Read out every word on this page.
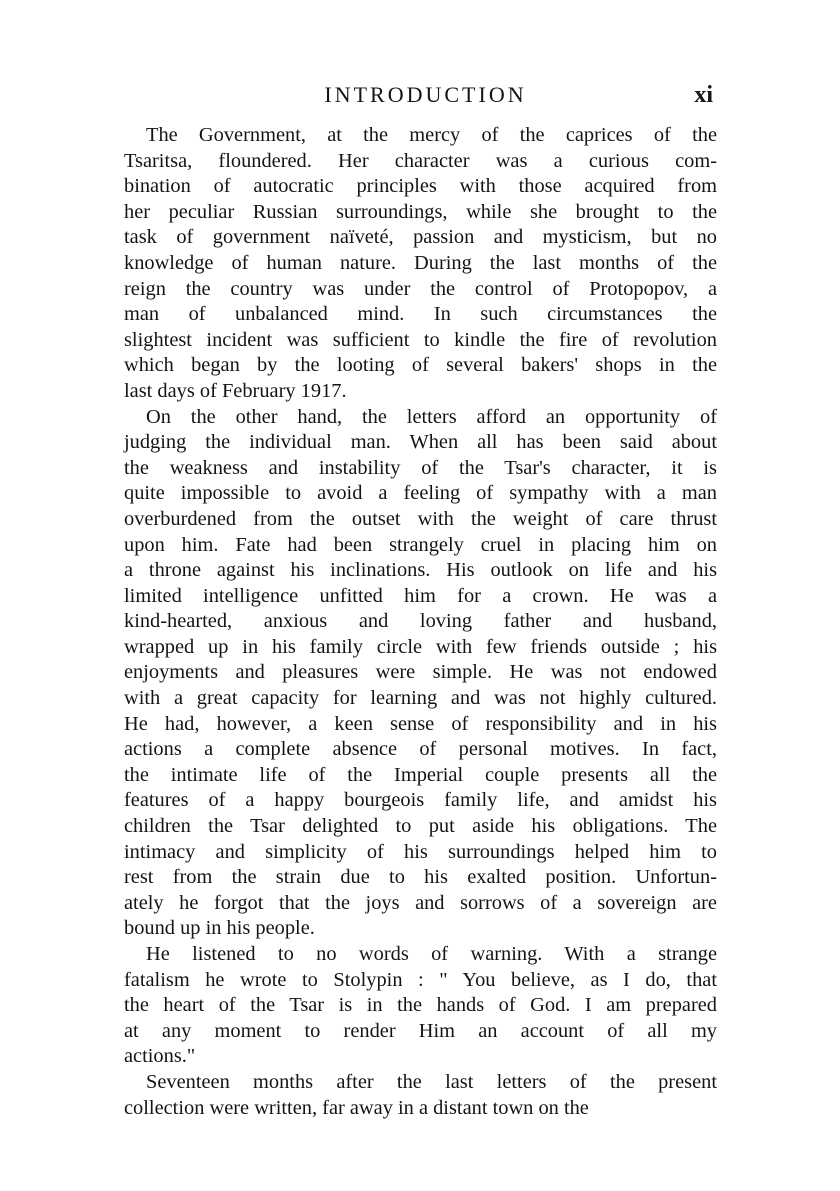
INTRODUCTION	xi
The Government, at the mercy of the caprices of the
Tsaritsa, floundered. Her character was a curious com-
bination of autocratic principles with those acquired from
her peculiar Russian surroundings, while she brought to the
task of government naïveté, passion and mysticism, but no
knowledge of human nature. During the last months of the
reign the country was under the control of Protopopov, a
man of unbalanced mind. In such circumstances the
slightest incident was sufficient to kindle the fire of revolution
which began by the looting of several bakers' shops in the
last days of February 1917.
On the other hand, the letters afford an opportunity of
judging the individual man. When all has been said about
the weakness and instability of the Tsar's character, it is
quite impossible to avoid a feeling of sympathy with a man
overburdened from the outset with the weight of care thrust
upon him. Fate had been strangely cruel in placing him on
a throne against his inclinations. His outlook on life and his
limited intelligence unfitted him for a crown. He was a
kind-hearted, anxious and loving father and husband,
wrapped up in his family circle with few friends outside ; his
enjoyments and pleasures were simple. He was not endowed
with a great capacity for learning and was not highly cultured.
He had, however, a keen sense of responsibility and in his
actions a complete absence of personal motives. In fact,
the intimate life of the Imperial couple presents all the
features of a happy bourgeois family life, and amidst his
children the Tsar delighted to put aside his obligations. The
intimacy and simplicity of his surroundings helped him to
rest from the strain due to his exalted position. Unfortun-
ately he forgot that the joys and sorrows of a sovereign are
bound up in his people.
He listened to no words of warning. With a strange
fatalism he wrote to Stolypin : " You believe, as I do, that
the heart of the Tsar is in the hands of God. I am prepared
at any moment to render Him an account of all my
actions."
Seventeen months after the last letters of the present
collection were written, far away in a distant town on the
